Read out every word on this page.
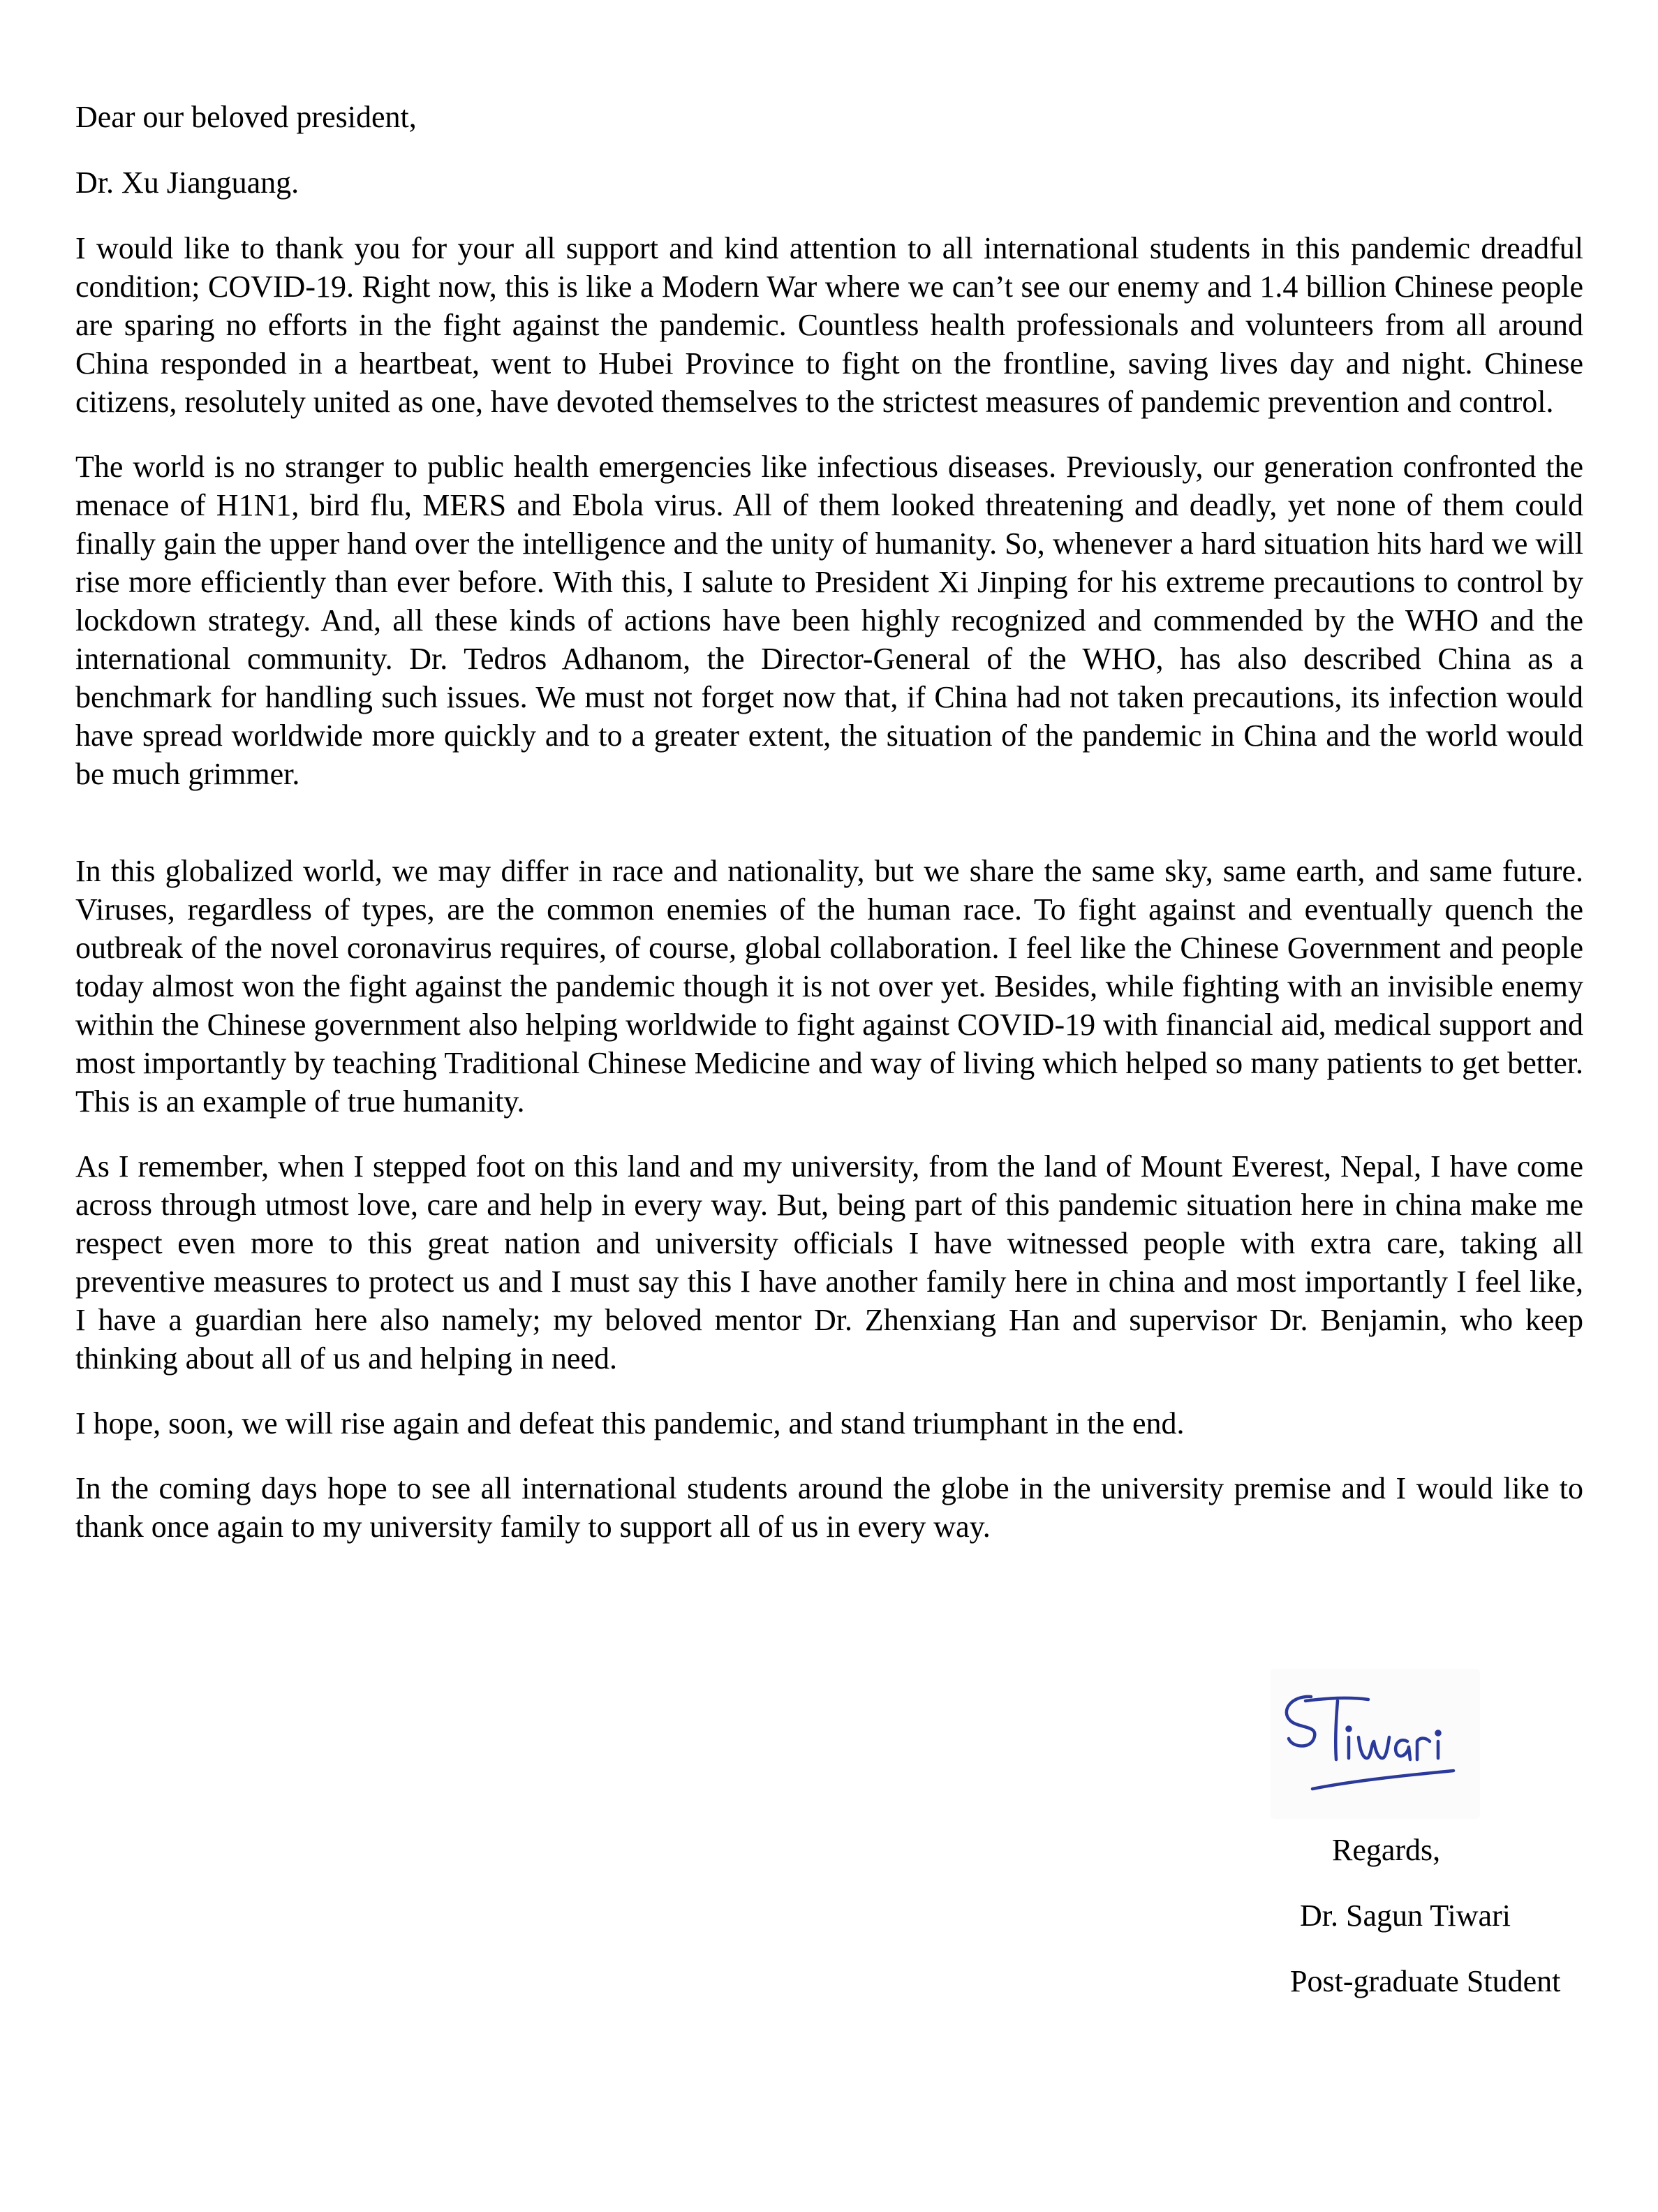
Dear our beloved president,

Dr. Xu Jianguang.

I would like to thank you for your all support and kind attention to all international students in this pandemic dreadful condition; COVID-19. Right now, this is like a Modern War where we can’t see our enemy and 1.4 billion Chinese people are sparing no efforts in the fight against the pandemic. Countless health professionals and volunteers from all around China responded in a heartbeat, went to Hubei Province to fight on the frontline, saving lives day and night. Chinese citizens, resolutely united as one, have devoted themselves to the strictest measures of pandemic prevention and control.

The world is no stranger to public health emergencies like infectious diseases. Previously, our generation confronted the menace of H1N1, bird flu, MERS and Ebola virus. All of them looked threatening and deadly, yet none of them could finally gain the upper hand over the intelligence and the unity of humanity. So, whenever a hard situation hits hard we will rise more efficiently than ever before. With this, I salute to President Xi Jinping for his extreme precautions to control by lockdown strategy. And, all these kinds of actions have been highly recognized and commended by the WHO and the international community. Dr. Tedros Adhanom, the Director-General of the WHO, has also described China as a benchmark for handling such issues. We must not forget now that, if China had not taken precautions, its infection would have spread worldwide more quickly and to a greater extent, the situation of the pandemic in China and the world would be much grimmer.

In this globalized world, we may differ in race and nationality, but we share the same sky, same earth, and same future. Viruses, regardless of types, are the common enemies of the human race. To fight against and eventually quench the outbreak of the novel coronavirus requires, of course, global collaboration. I feel like the Chinese Government and people today almost won the fight against the pandemic though it is not over yet. Besides, while fighting with an invisible enemy within the Chinese government also helping worldwide to fight against COVID-19 with financial aid, medical support and most importantly by teaching Traditional Chinese Medicine and way of living which helped so many patients to get better. This is an example of true humanity.

As I remember, when I stepped foot on this land and my university, from the land of Mount Everest, Nepal, I have come across through utmost love, care and help in every way. But, being part of this pandemic situation here in china make me respect even more to this great nation and university officials I have witnessed people with extra care, taking all preventive measures to protect us and I must say this I have another family here in china and most importantly I feel like, I have a guardian here also namely; my beloved mentor Dr. Zhenxiang Han and supervisor Dr. Benjamin, who keep thinking about all of us and helping in need.

I hope, soon, we will rise again and defeat this pandemic, and stand triumphant in the end.

In the coming days hope to see all international students around the globe in the university premise and I would like to thank once again to my university family to support all of us in every way.

Regards,
Dr. Sagun Tiwari
Post-graduate Student
